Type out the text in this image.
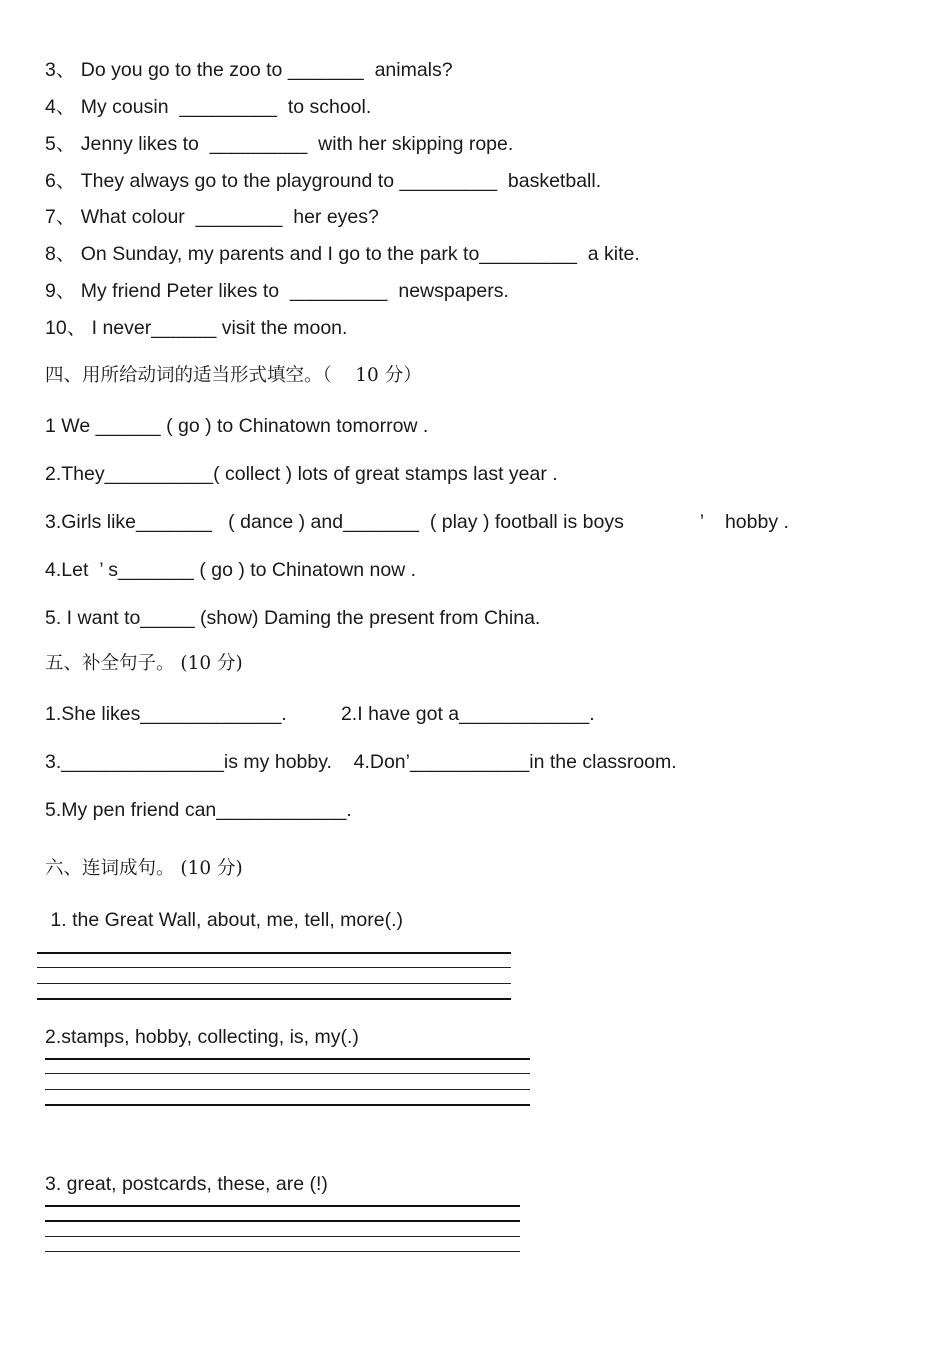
3、 Do you go to the zoo to _______  animals?
4、 My cousin  _________  to school.
5、 Jenny likes to  _________  with her skipping rope.
6、 They always go to the playground to _________  basketball.
7、 What colour  ________  her eyes?
8、 On Sunday, my parents and I go to the park to_________  a kite.
9、 My friend Peter likes to  _________  newspapers.
10、 I never______ visit the moon.
四、用所给动词的适当形式填空。（    10 分）
1 We ______ ( go ) to Chinatown tomorrow .
2.They__________( collect ) lots of great stamps last year .
3.Girls like_______   ( dance ) and_______  ( play ) football is boys              ’    hobby .
4.Let  ’ s_______ ( go ) to Chinatown now .
5. I want to_____ (show) Daming the present from China.
五、补全句子。 (10 分)
1.She likes_____________.          2.I have got a____________.
3._______________is my hobby.    4.Don’___________in the classroom.
5.My pen friend can____________.
六、连词成句。 (10 分)
1. the Great Wall, about, me, tell, more(.)
2.stamps, hobby, collecting, is, my(.)
3. great, postcards, these, are (!)
